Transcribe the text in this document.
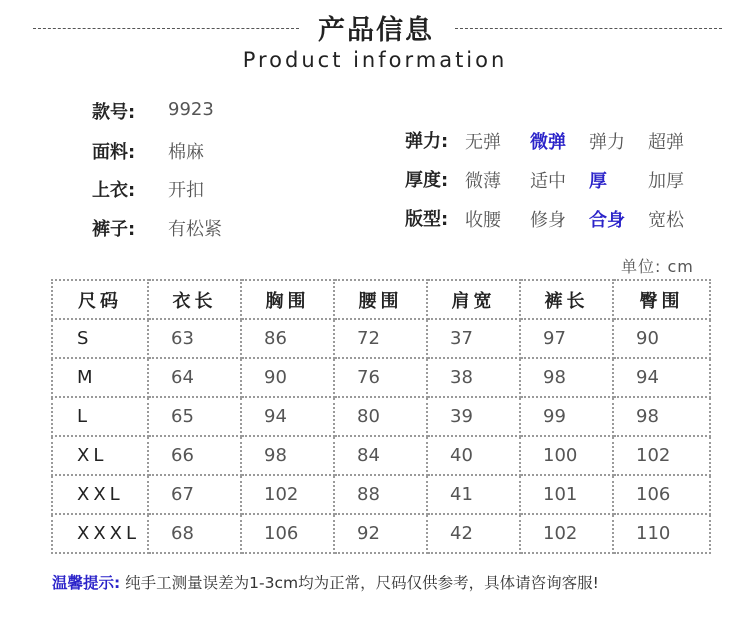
产品信息
Product information
款号: 9923
面料: 棉麻
上衣: 开扣
裤子: 有松紧
弹力: 无弹 微弹 弹力 超弹
厚度: 微薄 适中 厚 加厚
版型: 收腰 修身 合身 宽松
单位: cm
尺码	衣长	胸围	腰围	肩宽	裤长	臀围
S	63	86	72	37	97	90
M	64	90	76	38	98	94
L	65	94	80	39	99	98
XL	66	98	84	40	100	102
XXL	67	102	88	41	101	106
XXXL	68	106	92	42	102	110
温馨提示: 纯手工测量误差为1-3cm均为正常，尺码仅供参考，具体请咨询客服!
